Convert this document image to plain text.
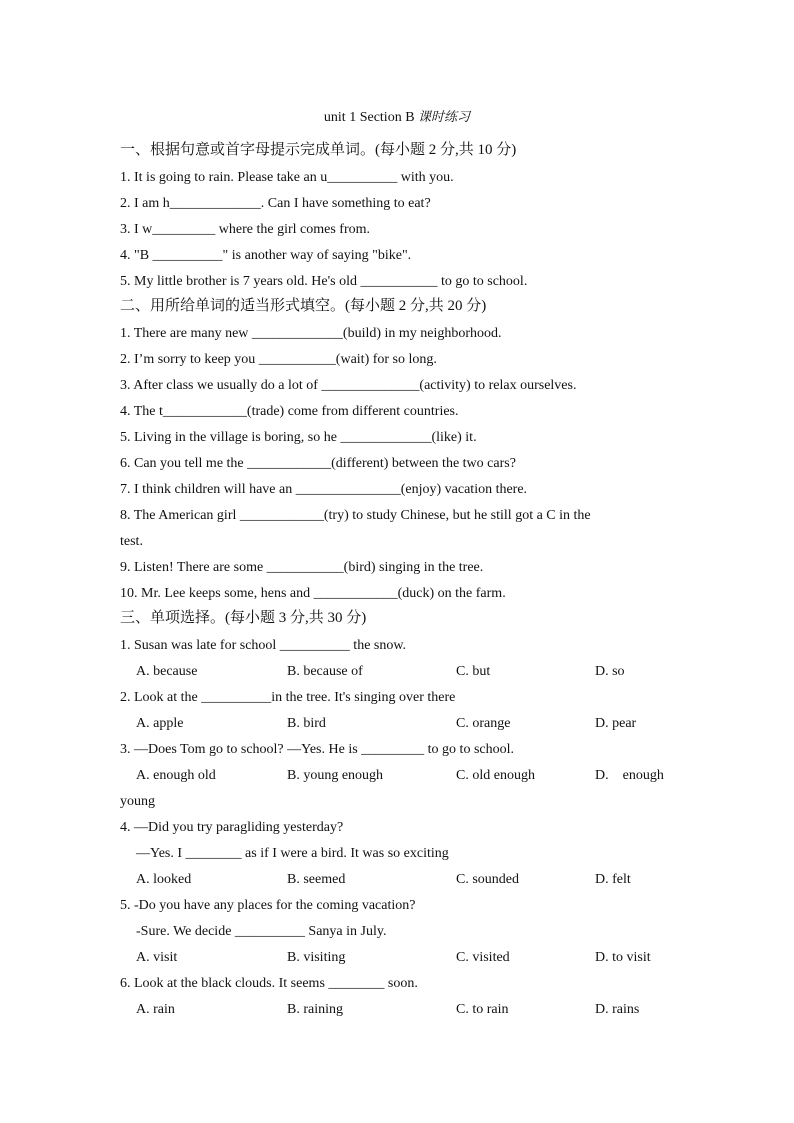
unit 1 Section B 课时练习
一、根据句意或首字母提示完成单词。(每小题 2 分,共 10 分)
1. It is going to rain. Please take an u__________ with you.
2. I am h_____________. Can I have something to eat?
3. I w_________ where the girl comes from.
4. "B __________" is another way of saying "bike".
5. My little brother is 7 years old. He's old ___________ to go to school.
二、用所给单词的适当形式填空。(每小题 2 分,共 20 分)
1. There are many new _____________(build) in my neighborhood.
2. I’m sorry to keep you ___________(wait) for so long.
3. After class we usually do a lot of ______________(activity) to relax ourselves.
4. The t____________(trade) come from different countries.
5. Living in the village is boring, so he _____________(like) it.
6. Can you tell me the ____________(different) between the two cars?
7. I think children will have an _______________(enjoy) vacation there.
8. The American girl ____________(try) to study Chinese, but he still got a C in the
test.
9. Listen! There are some ___________(bird) singing in the tree.
10. Mr. Lee keeps some, hens and ____________(duck) on the farm.
三、单项选择。(每小题 3 分,共 30 分)
1. Susan was late for school __________ the snow.
A. because	B. because of	C. but	D. so
2. Look at the __________in the tree. It's singing over there
A. apple	B. bird	C. orange	D. pear
3. —Does Tom go to school? —Yes. He is _________ to go to school.
A. enough old	B. young enough	C. old enough	D.    enough
young
4. —Did you try paragliding yesterday?
—Yes. I ________ as if I were a bird. It was so exciting
A. looked	B. seemed	C. sounded	D. felt
5. -Do you have any places for the coming vacation?
-Sure. We decide __________ Sanya in July.
A. visit	B. visiting	C. visited	D. to visit
6. Look at the black clouds. It seems ________ soon.
A. rain	B. raining	C. to rain	D. rains
